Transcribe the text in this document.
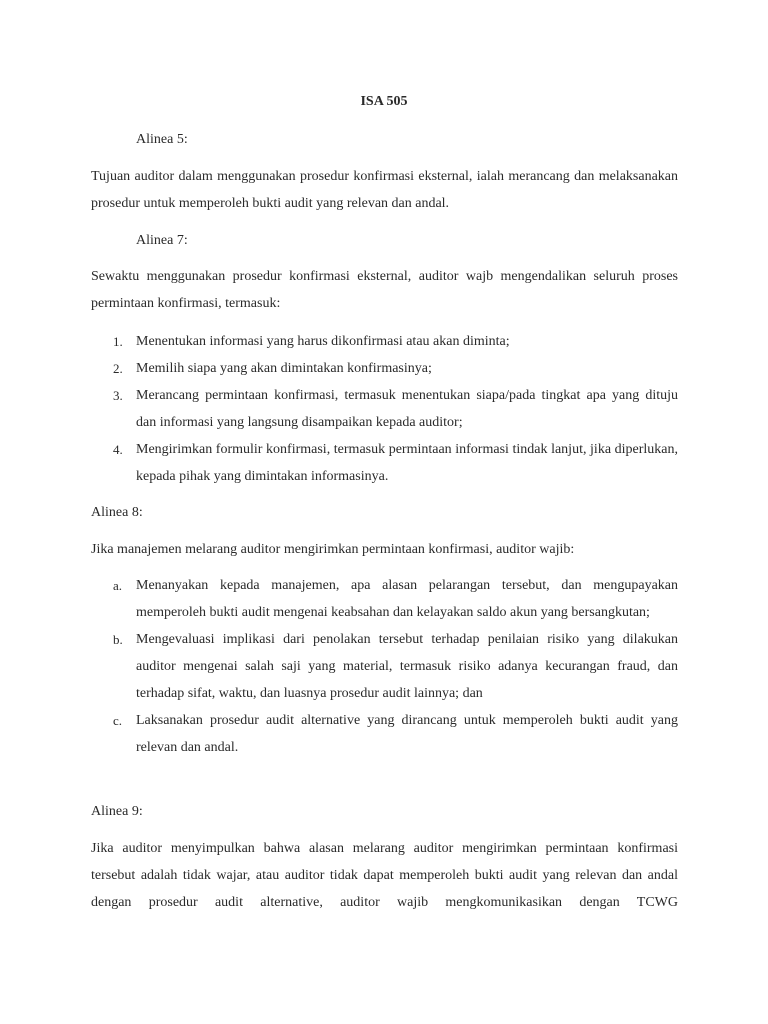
ISA 505
Alinea 5:
Tujuan auditor dalam menggunakan prosedur konfirmasi eksternal, ialah merancang dan melaksanakan prosedur untuk memperoleh bukti audit yang relevan dan andal.
Alinea 7:
Sewaktu menggunakan prosedur konfirmasi eksternal, auditor wajb mengendalikan seluruh proses permintaan konfirmasi, termasuk:
1. Menentukan informasi yang harus dikonfirmasi atau akan diminta;
2. Memilih siapa yang akan dimintakan konfirmasinya;
3. Merancang permintaan konfirmasi, termasuk menentukan siapa/pada tingkat apa yang dituju dan informasi yang langsung disampaikan kepada auditor;
4. Mengirimkan formulir konfirmasi, termasuk permintaan informasi tindak lanjut, jika diperlukan, kepada pihak yang dimintakan informasinya.
Alinea 8:
Jika manajemen melarang auditor mengirimkan permintaan konfirmasi, auditor wajib:
a. Menanyakan kepada manajemen, apa alasan pelarangan tersebut, dan mengupayakan memperoleh bukti audit mengenai keabsahan dan kelayakan saldo akun yang bersangkutan;
b. Mengevaluasi implikasi dari penolakan tersebut terhadap penilaian risiko yang dilakukan auditor mengenai salah saji yang material, termasuk risiko adanya kecurangan fraud, dan terhadap sifat, waktu, dan luasnya prosedur audit lainnya; dan
c. Laksanakan prosedur audit alternative yang dirancang untuk memperoleh bukti audit yang relevan dan andal.
Alinea 9:
Jika auditor menyimpulkan bahwa alasan melarang auditor mengirimkan permintaan konfirmasi tersebut adalah tidak wajar, atau auditor tidak dapat memperoleh bukti audit yang relevan dan andal dengan prosedur audit alternative, auditor wajib mengkomunikasikan dengan TCWG
